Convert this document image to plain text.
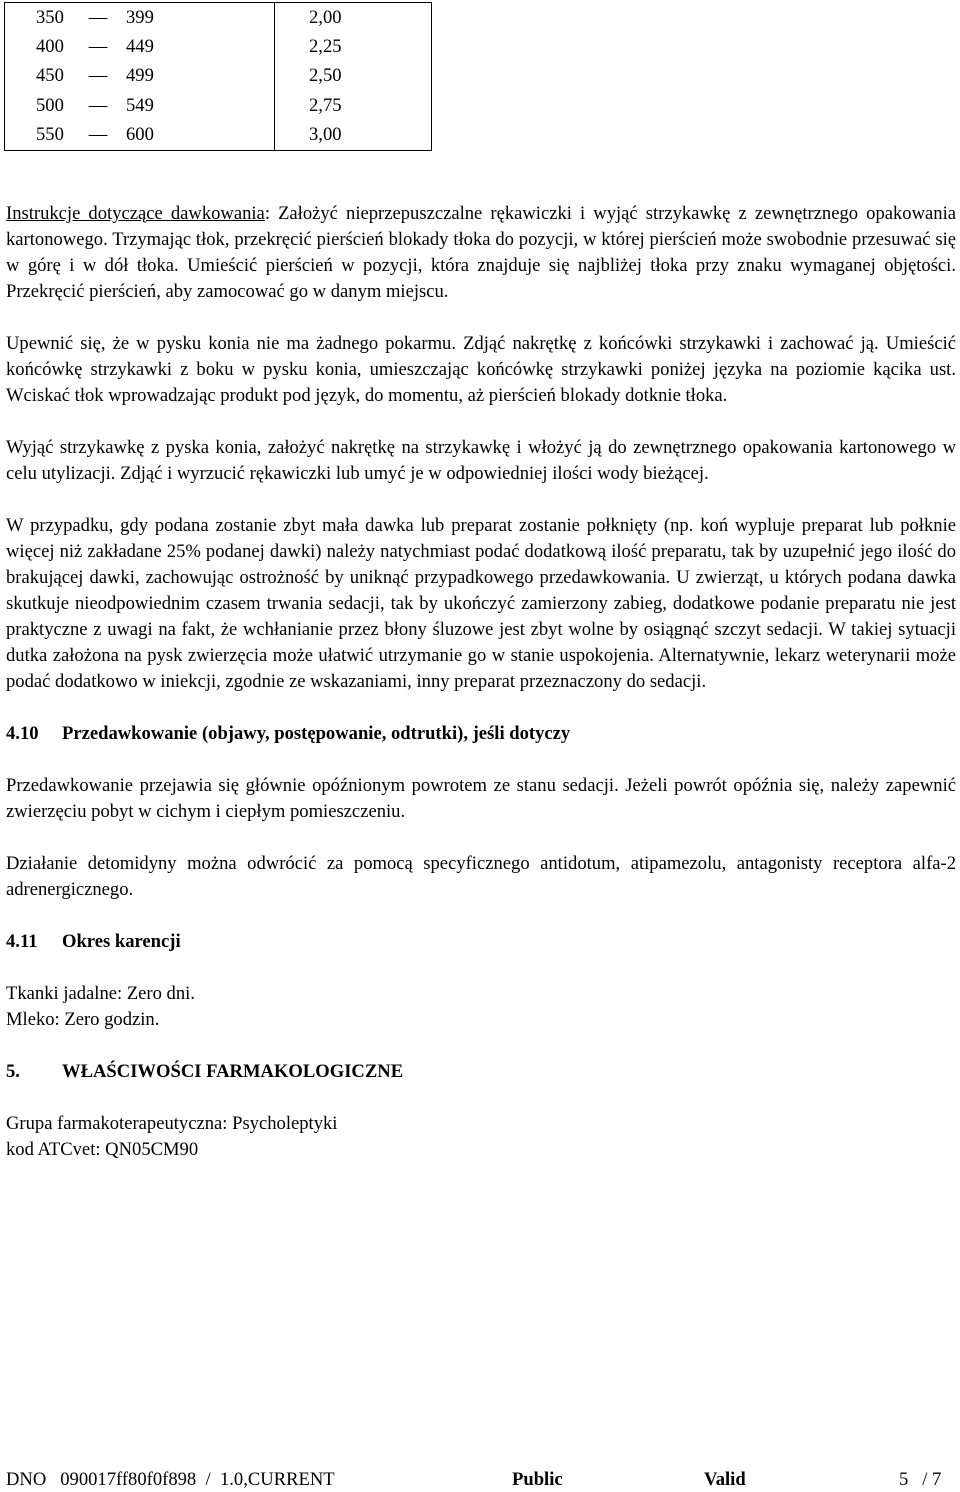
350 — 399	2,00
400 — 449	2,25
450 — 499	2,50
500 — 549	2,75
550 — 600	3,00

Instrukcje dotyczące dawkowania: Założyć nieprzepuszczalne rękawiczki i wyjąć strzykawkę z zewnętrznego opakowania kartonowego. Trzymając tłok, przekręcić pierścień blokady tłoka do pozycji, w której pierścień może swobodnie przesuwać się w górę i w dół tłoka. Umieścić pierścień w pozycji, która znajduje się najbliżej tłoka przy znaku wymaganej objętości. Przekręcić pierścień, aby zamocować go w danym miejscu.

Upewnić się, że w pysku konia nie ma żadnego pokarmu. Zdjąć nakrętkę z końcówki strzykawki i zachować ją. Umieścić końcówkę strzykawki z boku w pysku konia, umieszczając końcówkę strzykawki poniżej języka na poziomie kącika ust. Wciskać tłok wprowadzając produkt pod język, do momentu, aż pierścień blokady dotknie tłoka.

Wyjąć strzykawkę z pyska konia, założyć nakrętkę na strzykawkę i włożyć ją do zewnętrznego opakowania kartonowego w celu utylizacji. Zdjąć i wyrzucić rękawiczki lub umyć je w odpowiedniej ilości wody bieżącej.

W przypadku, gdy podana zostanie zbyt mała dawka lub preparat zostanie połknięty (np. koń wypluje preparat lub połknie więcej niż zakładane 25% podanej dawki) należy natychmiast podać dodatkową ilość preparatu, tak by uzupełnić jego ilość do brakującej dawki, zachowując ostrożność by uniknąć przypadkowego przedawkowania. U zwierząt, u których podana dawka skutkuje nieodpowiednim czasem trwania sedacji, tak by ukończyć zamierzony zabieg, dodatkowe podanie preparatu nie jest praktyczne z uwagi na fakt, że wchłanianie przez błony śluzowe jest zbyt wolne by osiągnąć szczyt sedacji. W takiej sytuacji dutka założona na pysk zwierzęcia może ułatwić utrzymanie go w stanie uspokojenia. Alternatywnie, lekarz weterynarii może podać dodatkowo w iniekcji, zgodnie ze wskazaniami, inny preparat przeznaczony do sedacji.

4.10 Przedawkowanie (objawy, postępowanie, odtrutki), jeśli dotyczy

Przedawkowanie przejawia się głównie opóźnionym powrotem ze stanu sedacji. Jeżeli powrót opóźnia się, należy zapewnić zwierzęciu pobyt w cichym i ciepłym pomieszczeniu.

Działanie detomidyny można odwrócić za pomocą specyficznego antidotum, atipamezolu, antagonisty receptora alfa-2 adrenergicznego.

4.11 Okres karencji

Tkanki jadalne: Zero dni.

Mleko: Zero godzin.

5. WŁAŚCIWOŚCI FARMAKOLOGICZNE

Grupa farmakoterapeutyczna: Psycholeptyki

kod ATCvet: QN05CM90

DNO   090017ff80f0f898  /  1.0,CURRENT	Public	Valid	5   / 7
